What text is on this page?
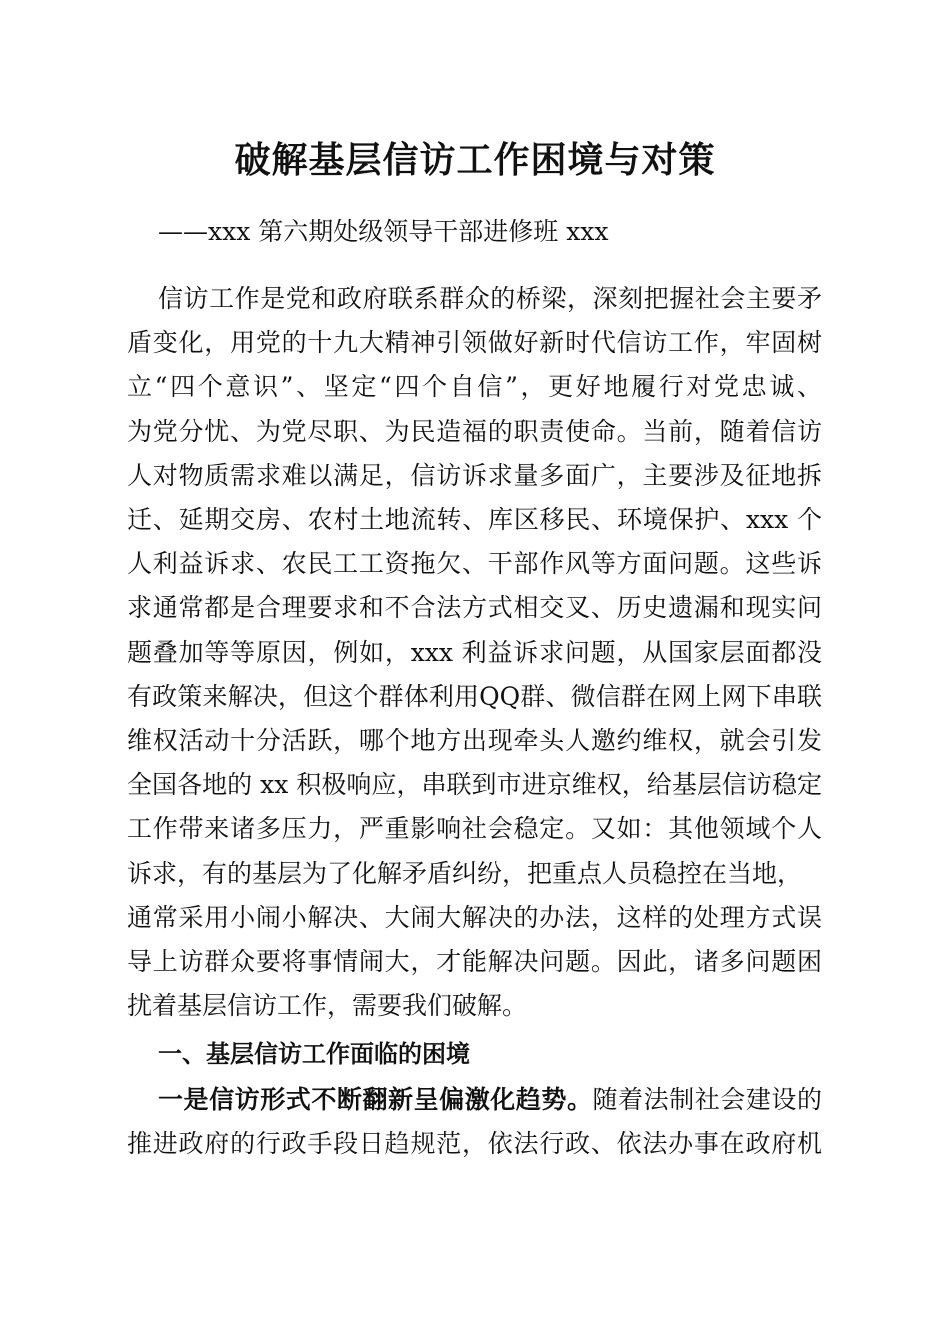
破解基层信访工作困境与对策
——xxx 第六期处级领导干部进修班 xxx
信访工作是党和政府联系群众的桥梁，深刻把握社会主要矛
盾变化，用党的十九大精神引领做好新时代信访工作，牢固树
立“四个意识”、坚定“四个自信”，更好地履行对党忠诚、
为党分忧、为党尽职、为民造福的职责使命。当前，随着信访
人对物质需求难以满足，信访诉求量多面广，主要涉及征地拆
迁、延期交房、农村土地流转、库区移民、环境保护、xxx 个
人利益诉求、农民工工资拖欠、干部作风等方面问题。这些诉
求通常都是合理要求和不合法方式相交叉、历史遗漏和现实问
题叠加等等原因，例如，xxx 利益诉求问题，从国家层面都没
有政策来解决，但这个群体利用QQ群、微信群在网上网下串联
维权活动十分活跃，哪个地方出现牵头人邀约维权，就会引发
全国各地的 xx 积极响应，串联到市进京维权，给基层信访稳定
工作带来诸多压力，严重影响社会稳定。又如：其他领域个人
诉求，有的基层为了化解矛盾纠纷，把重点人员稳控在当地，
通常采用小闹小解决、大闹大解决的办法，这样的处理方式误
导上访群众要将事情闹大，才能解决问题。因此，诸多问题困
扰着基层信访工作，需要我们破解。
一、基层信访工作面临的困境
一是信访形式不断翻新呈偏激化趋势。随着法制社会建设的
推进政府的行政手段日趋规范，依法行政、依法办事在政府机
